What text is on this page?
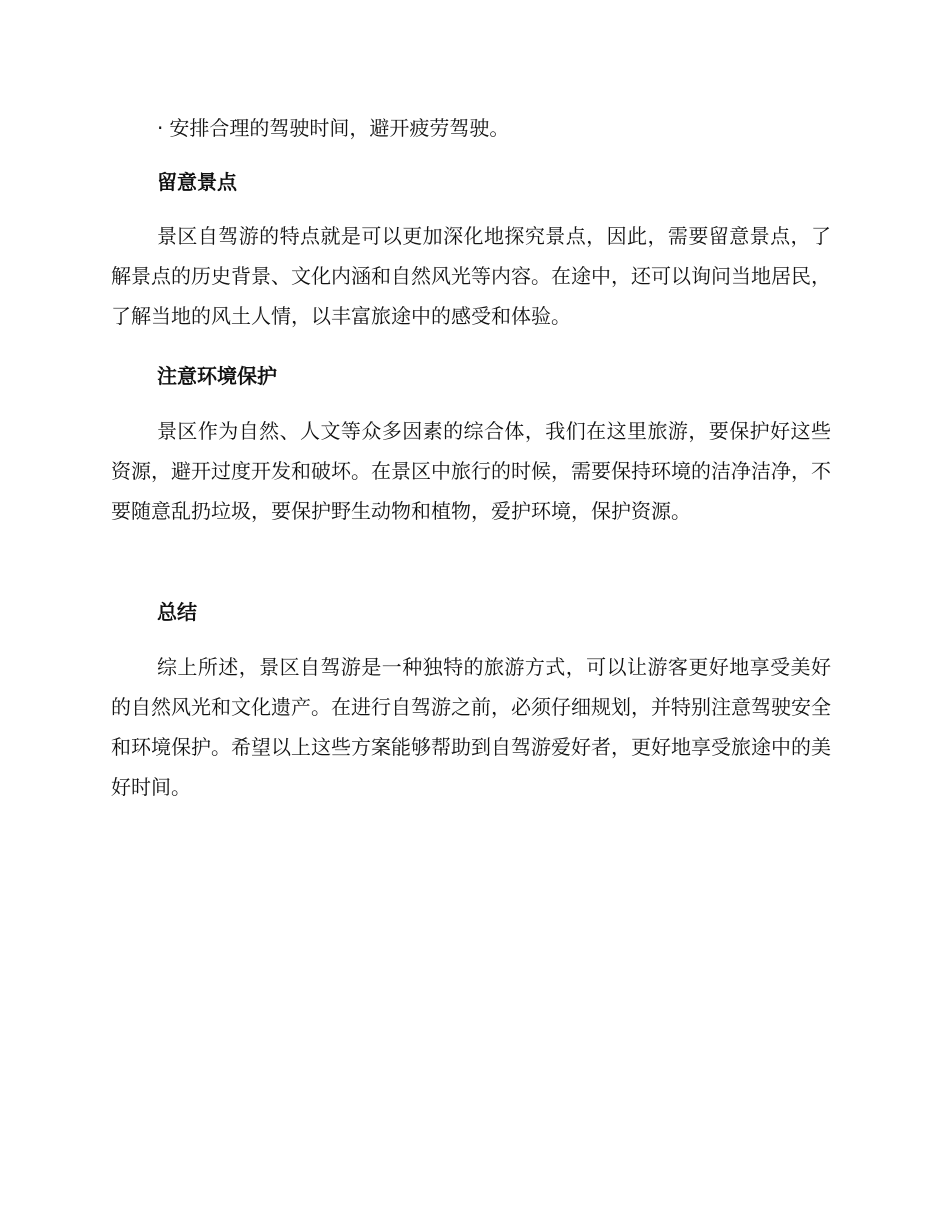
· 安排合理的驾驶时间，避开疲劳驾驶。
留意景点
景区自驾游的特点就是可以更加深化地探究景点，因此，需要留意景点，了解景点的历史背景、文化内涵和自然风光等内容。在途中，还可以询问当地居民，了解当地的风土人情，以丰富旅途中的感受和体验。
注意环境保护
景区作为自然、人文等众多因素的综合体，我们在这里旅游，要保护好这些资源，避开过度开发和破坏。在景区中旅行的时候，需要保持环境的洁净洁净，不要随意乱扔垃圾，要保护野生动物和植物，爱护环境，保护资源。
总结
综上所述，景区自驾游是一种独特的旅游方式，可以让游客更好地享受美好的自然风光和文化遗产。在进行自驾游之前，必须仔细规划，并特别注意驾驶安全和环境保护。希望以上这些方案能够帮助到自驾游爱好者，更好地享受旅途中的美好时间。
